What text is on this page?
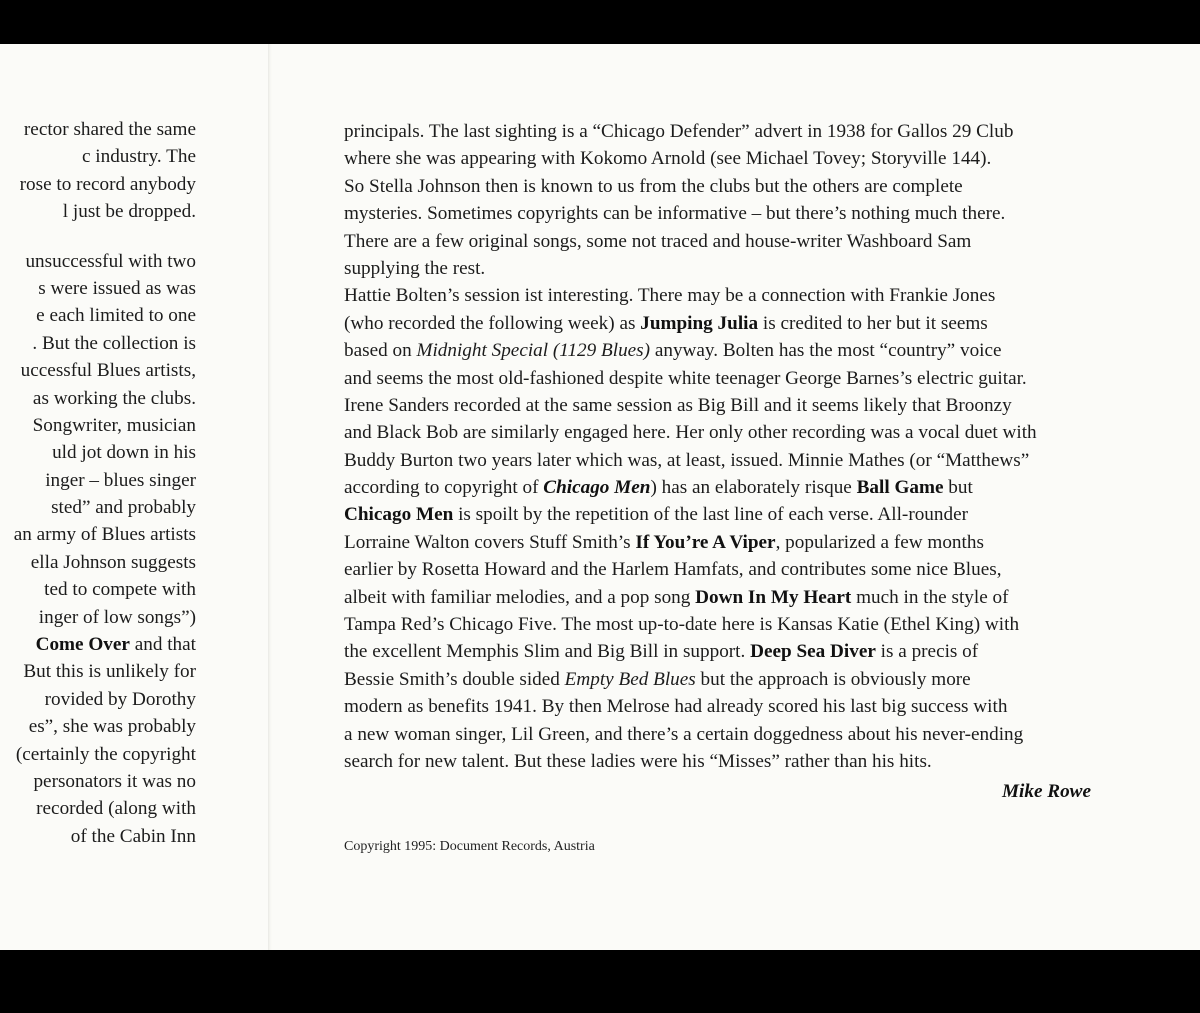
rector shared the same
c industry. The
rose to record anybody
l just be dropped.
unsuccessful with two
s were issued as was
e each limited to one
. But the collection is
uccessful Blues artists,
as working the clubs.
Songwriter, musician
uld jot down in his
inger – blues singer
sted” and probably
an army of Blues artists
ella Johnson suggests
ted to compete with
inger of low songs”)
Come Over and that
But this is unlikely for
rovided by Dorothy
es”, she was probably
(certainly the copyright
personators it was no
recorded (along with
of the Cabin Inn
principals. The last sighting is a “Chicago Defender” advert in 1938 for Gallos 29 Club
where she was appearing with Kokomo Arnold (see Michael Tovey; Storyville 144).
So Stella Johnson then is known to us from the clubs but the others are complete
mysteries. Sometimes copyrights can be informative – but there’s nothing much there.
There are a few original songs, some not traced and house-writer Washboard Sam
supplying the rest.
Hattie Bolten’s session ist interesting. There may be a connection with Frankie Jones
(who recorded the following week) as Jumping Julia is credited to her but it seems
based on Midnight Special (1129 Blues) anyway. Bolten has the most “country” voice
and seems the most old-fashioned despite white teenager George Barnes’s electric guitar.
Irene Sanders recorded at the same session as Big Bill and it seems likely that Broonzy
and Black Bob are similarly engaged here. Her only other recording was a vocal duet with
Buddy Burton two years later which was, at least, issued. Minnie Mathes (or “Matthews”
according to copyright of Chicago Men) has an elaborately risque Ball Game but
Chicago Men is spoilt by the repetition of the last line of each verse. All-rounder
Lorraine Walton covers Stuff Smith’s If You’re A Viper, popularized a few months
earlier by Rosetta Howard and the Harlem Hamfats, and contributes some nice Blues,
albeit with familiar melodies, and a pop song Down In My Heart much in the style of
Tampa Red’s Chicago Five. The most up-to-date here is Kansas Katie (Ethel King) with
the excellent Memphis Slim and Big Bill in support. Deep Sea Diver is a precis of
Bessie Smith’s double sided Empty Bed Blues but the approach is obviously more
modern as benefits 1941. By then Melrose had already scored his last big success with
a new woman singer, Lil Green, and there’s a certain doggedness about his never-ending
search for new talent. But these ladies were his “Misses” rather than his hits.
Mike Rowe
Copyright 1995: Document Records, Austria
